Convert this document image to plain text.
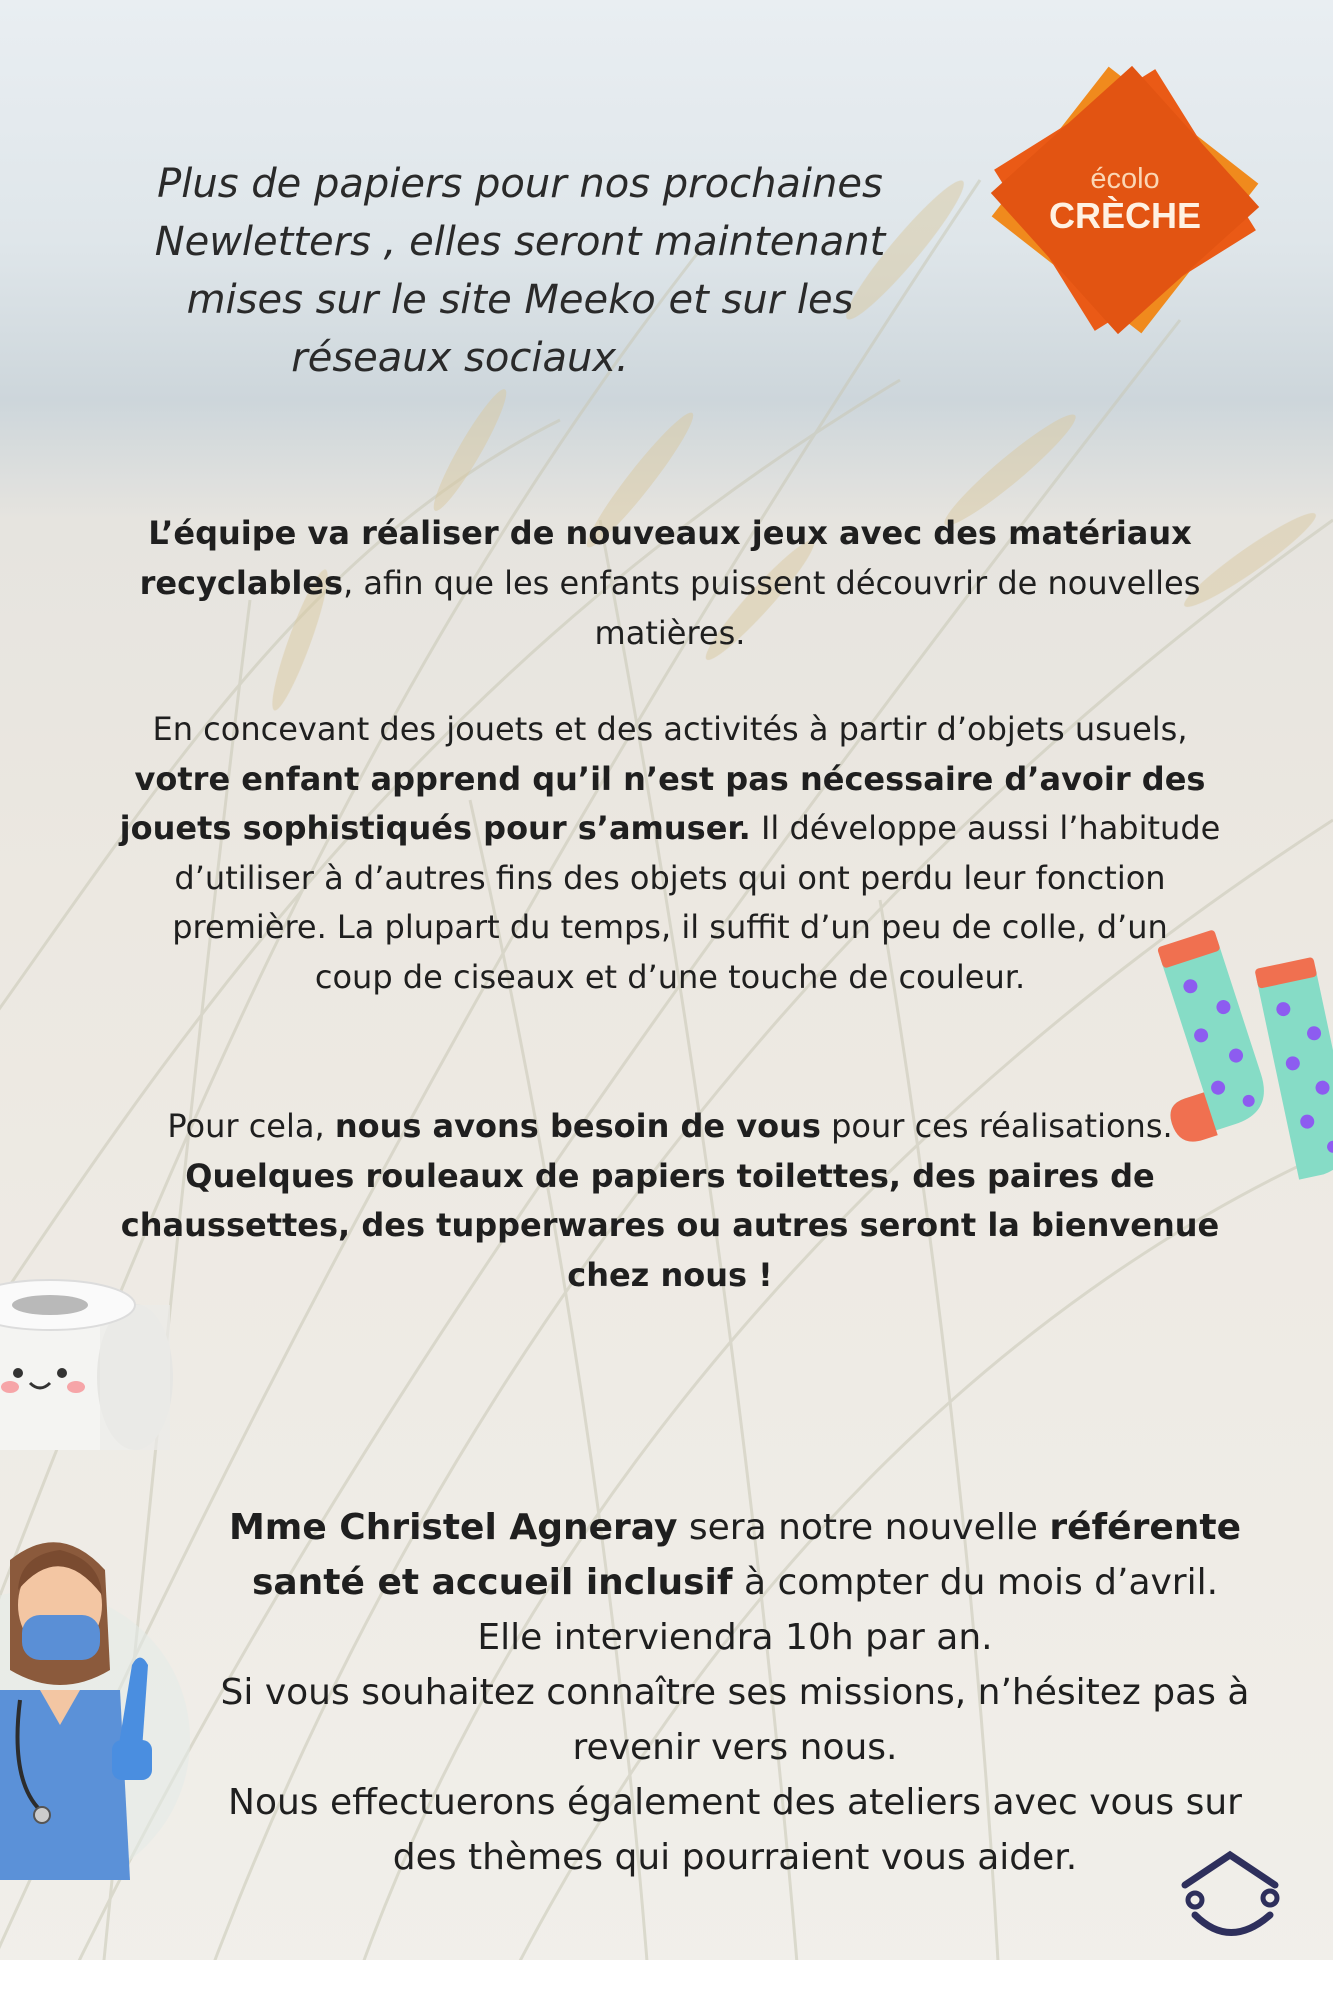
écolo
CRÈCHE
Plus de papiers pour nos prochaines
Newletters , elles seront maintenant
mises sur le site Meeko et sur les
réseaux sociaux.
L’équipe va réaliser de nouveaux jeux avec des matériaux
recyclables, afin que les enfants puissent découvrir de nouvelles
matières.
En concevant des jouets et des activités à partir d’objets usuels,
votre enfant apprend qu’il n’est pas nécessaire d’avoir des
jouets sophistiqués pour s’amuser. Il développe aussi l’habitude
d’utiliser à d’autres fins des objets qui ont perdu leur fonction
première. La plupart du temps, il suffit d’un peu de colle, d’un
coup de ciseaux et d’une touche de couleur.
Pour cela, nous avons besoin de vous pour ces réalisations.
Quelques rouleaux de papiers toilettes, des paires de
chaussettes, des tupperwares ou autres seront la bienvenue
chez nous !
Mme Christel Agneray sera notre nouvelle référente
santé et accueil inclusif à compter du mois d’avril.
Elle interviendra 10h par an.
Si vous souhaitez connaître ses missions, n’hésitez pas à
revenir vers nous.
Nous effectuerons également des ateliers avec vous sur
des thèmes qui pourraient vous aider.
